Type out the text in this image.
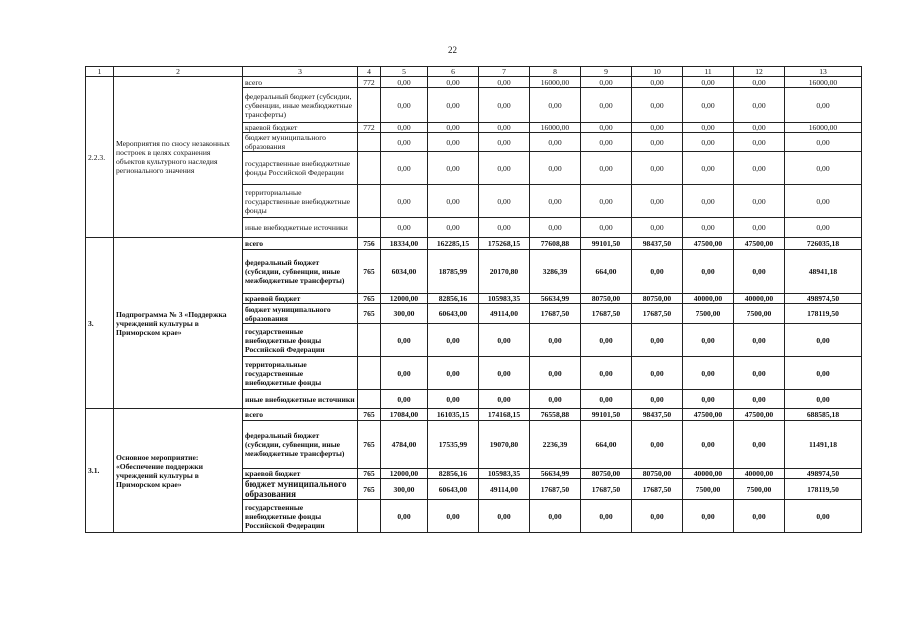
22
1	2	3	4	5	6	7	8	9	10	11	12	13
2.2.3.	Мероприятия по сносу незаконных построек в целях сохранения объектов культурного наследия регионального значения	всего	772	0,00	0,00	0,00	16000,00	0,00	0,00	0,00	0,00	16000,00
		федеральный бюджет (субсидии, субвенции, иные межбюджетные трансферты)		0,00	0,00	0,00	0,00	0,00	0,00	0,00	0,00	0,00
		краевой бюджет	772	0,00	0,00	0,00	16000,00	0,00	0,00	0,00	0,00	16000,00
		бюджет муниципального образования		0,00	0,00	0,00	0,00	0,00	0,00	0,00	0,00	0,00
		государственные внебюджетные фонды Российской Федерации		0,00	0,00	0,00	0,00	0,00	0,00	0,00	0,00	0,00
		территориальные государственные внебюджетные фонды		0,00	0,00	0,00	0,00	0,00	0,00	0,00	0,00	0,00
		иные внебюджетные источники		0,00	0,00	0,00	0,00	0,00	0,00	0,00	0,00	0,00
3.	Подпрограмма № 3 «Поддержка учреждений культуры в Приморском крае»	всего	756	18334,00	162285,15	175268,15	77608,88	99101,50	98437,50	47500,00	47500,00	726035,18
		федеральный бюджет (субсидии, субвенции, иные межбюджетные трансферты)	765	6034,00	18785,99	20170,80	3286,39	664,00	0,00	0,00	0,00	48941,18
		краевой бюджет	765	12000,00	82856,16	105983,35	56634,99	80750,00	80750,00	40000,00	40000,00	498974,50
		бюджет муниципального образования	765	300,00	60643,00	49114,00	17687,50	17687,50	17687,50	7500,00	7500,00	178119,50
		государственные внебюджетные фонды Российской Федерации		0,00	0,00	0,00	0,00	0,00	0,00	0,00	0,00	0,00
		территориальные государственные внебюджетные фонды		0,00	0,00	0,00	0,00	0,00	0,00	0,00	0,00	0,00
		иные внебюджетные источники		0,00	0,00	0,00	0,00	0,00	0,00	0,00	0,00	0,00
3.1.	Основное мероприятие: «Обеспечение поддержки учреждений культуры в Приморском крае»	всего	765	17084,00	161035,15	174168,15	76558,88	99101,50	98437,50	47500,00	47500,00	688585,18
		федеральный бюджет (субсидии, субвенции, иные межбюджетные трансферты)	765	4784,00	17535,99	19070,80	2236,39	664,00	0,00	0,00	0,00	11491,18
		краевой бюджет	765	12000,00	82856,16	105983,35	56634,99	80750,00	80750,00	40000,00	40000,00	498974,50
		бюджет муниципального образования	765	300,00	60643,00	49114,00	17687,50	17687,50	17687,50	7500,00	7500,00	178119,50
		государственные внебюджетные фонды Российской Федерации		0,00	0,00	0,00	0,00	0,00	0,00	0,00	0,00	0,00
